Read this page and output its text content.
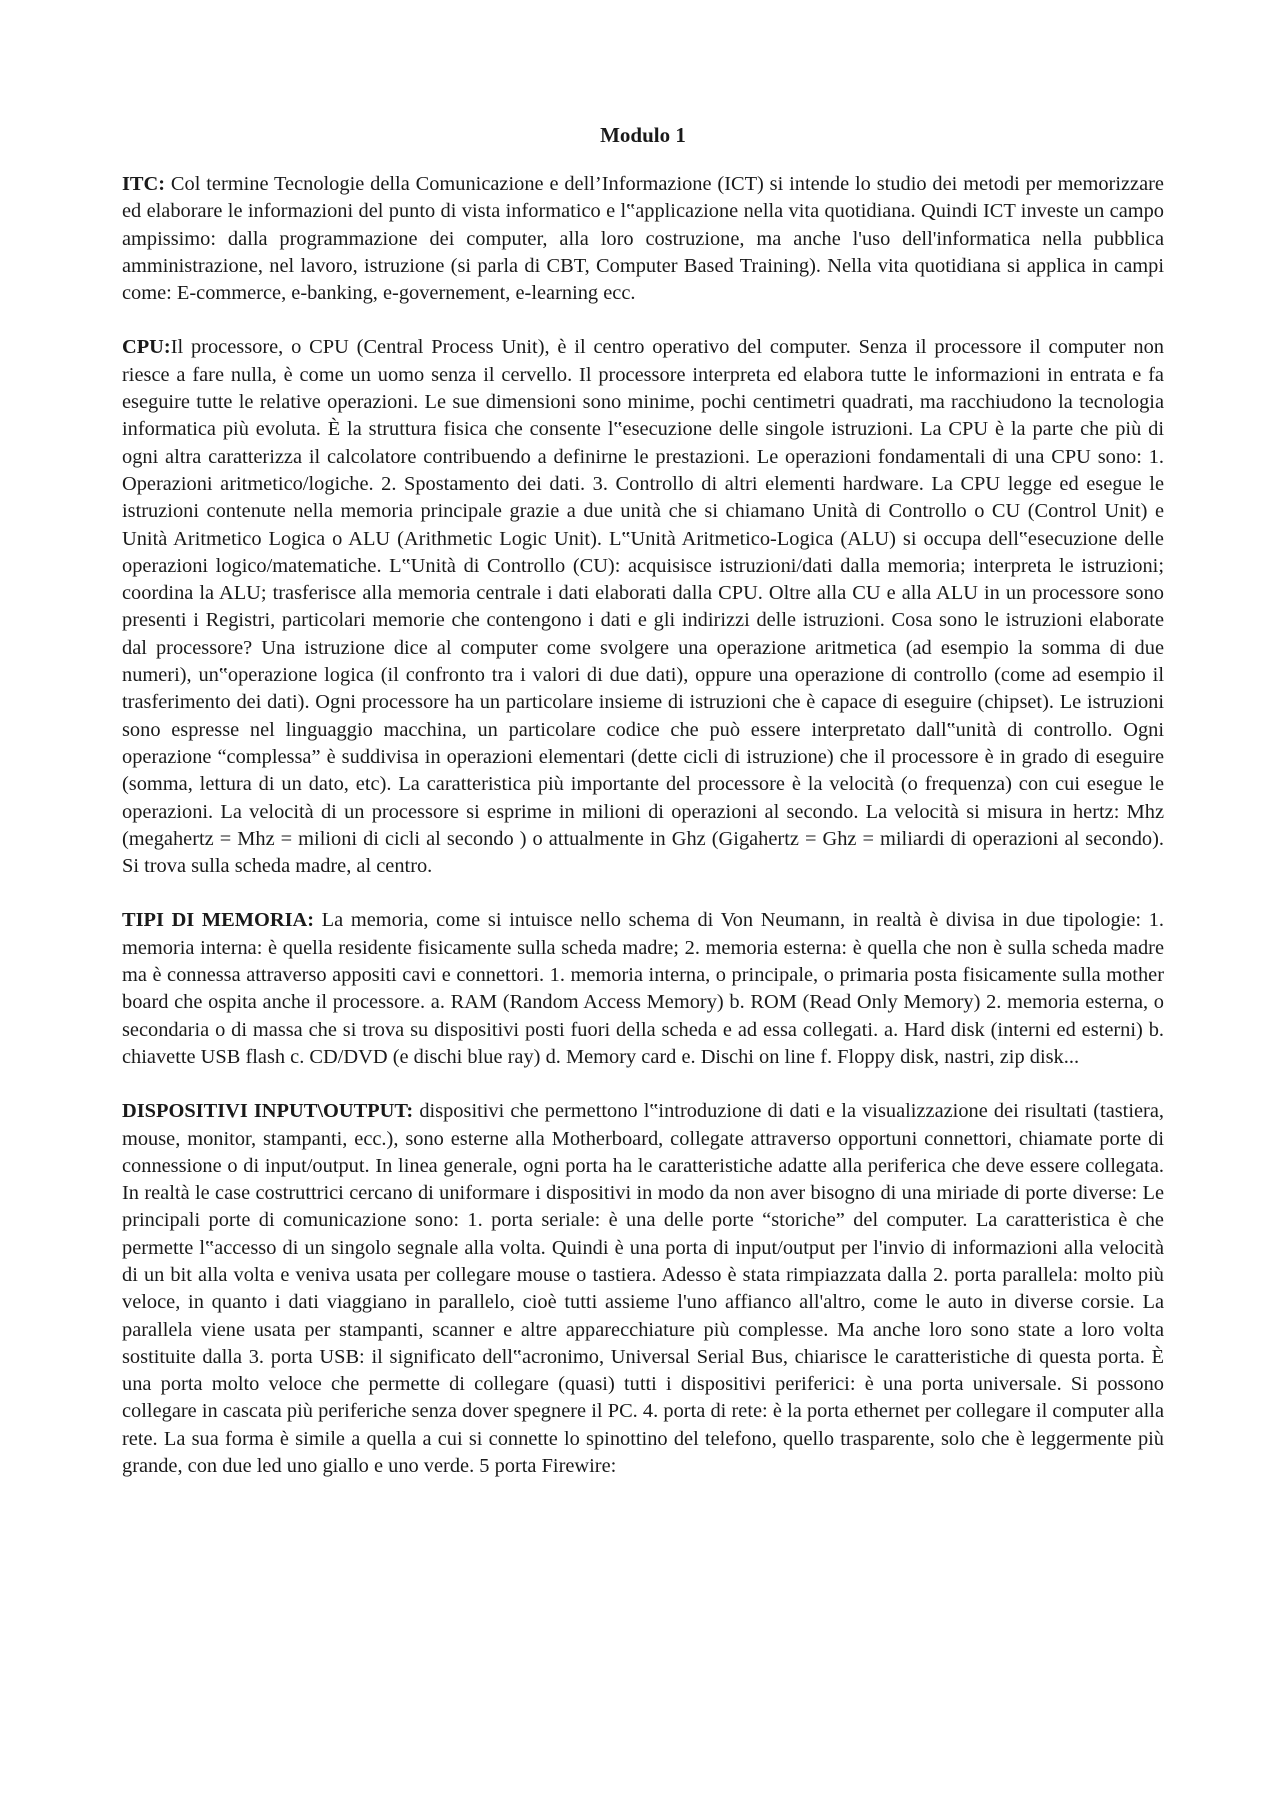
Modulo 1

ITC: Col termine Tecnologie della Comunicazione e dell’Informazione (ICT) si intende lo studio dei metodi per memorizzare ed elaborare le informazioni del punto di vista informatico e l‟applicazione nella vita quotidiana. Quindi ICT investe un campo ampissimo: dalla programmazione dei computer, alla loro costruzione, ma anche l'uso dell'informatica nella pubblica amministrazione, nel lavoro, istruzione (si parla di CBT, Computer Based Training). Nella vita quotidiana si applica in campi come: E-commerce, e-banking, e-governement, e-learning ecc.

CPU:Il processore, o CPU (Central Process Unit), è il centro operativo del computer. Senza il processore il computer non riesce a fare nulla, è come un uomo senza il cervello. Il processore interpreta ed elabora tutte le informazioni in entrata e fa eseguire tutte le relative operazioni. Le sue dimensioni sono minime, pochi centimetri quadrati, ma racchiudono la tecnologia informatica più evoluta. È la struttura fisica che consente l‟esecuzione delle singole istruzioni. La CPU è la parte che più di ogni altra caratterizza il calcolatore contribuendo a definirne le prestazioni. Le operazioni fondamentali di una CPU sono: 1. Operazioni aritmetico/logiche. 2. Spostamento dei dati. 3. Controllo di altri elementi hardware. La CPU legge ed esegue le istruzioni contenute nella memoria principale grazie a due unità che si chiamano Unità di Controllo o CU (Control Unit) e Unità Aritmetico Logica o ALU (Arithmetic Logic Unit). L‟Unità Aritmetico-Logica (ALU) si occupa dell‟esecuzione delle operazioni logico/matematiche. L‟Unità di Controllo (CU): acquisisce istruzioni/dati dalla memoria; interpreta le istruzioni; coordina la ALU; trasferisce alla memoria centrale i dati elaborati dalla CPU. Oltre alla CU e alla ALU in un processore sono presenti i Registri, particolari memorie che contengono i dati e gli indirizzi delle istruzioni. Cosa sono le istruzioni elaborate dal processore? Una istruzione dice al computer come svolgere una operazione aritmetica (ad esempio la somma di due numeri), un‟operazione logica (il confronto tra i valori di due dati), oppure una operazione di controllo (come ad esempio il trasferimento dei dati). Ogni processore ha un particolare insieme di istruzioni che è capace di eseguire (chipset). Le istruzioni sono espresse nel linguaggio macchina, un particolare codice che può essere interpretato dall‟unità di controllo. Ogni operazione “complessa” è suddivisa in operazioni elementari (dette cicli di istruzione) che il processore è in grado di eseguire (somma, lettura di un dato, etc). La caratteristica più importante del processore è la velocità (o frequenza) con cui esegue le operazioni. La velocità di un processore si esprime in milioni di operazioni al secondo. La velocità si misura in hertz: Mhz (megahertz = Mhz = milioni di cicli al secondo ) o attualmente in Ghz (Gigahertz = Ghz = miliardi di operazioni al secondo). Si trova sulla scheda madre, al centro.

TIPI DI MEMORIA: La memoria, come si intuisce nello schema di Von Neumann, in realtà è divisa in due tipologie: 1. memoria interna: è quella residente fisicamente sulla scheda madre; 2. memoria esterna: è quella che non è sulla scheda madre ma è connessa attraverso appositi cavi e connettori. 1. memoria interna, o principale, o primaria posta fisicamente sulla mother board che ospita anche il processore. a. RAM (Random Access Memory) b. ROM (Read Only Memory) 2. memoria esterna, o secondaria o di massa che si trova su dispositivi posti fuori della scheda e ad essa collegati. a. Hard disk (interni ed esterni) b. chiavette USB flash c. CD/DVD (e dischi blue ray) d. Memory card e. Dischi on line f. Floppy disk, nastri, zip disk...

DISPOSITIVI INPUT\OUTPUT: dispositivi che permettono l‟introduzione di dati e la visualizzazione dei risultati (tastiera, mouse, monitor, stampanti, ecc.), sono esterne alla Motherboard, collegate attraverso opportuni connettori, chiamate porte di connessione o di input/output. In linea generale, ogni porta ha le caratteristiche adatte alla periferica che deve essere collegata. In realtà le case costruttrici cercano di uniformare i dispositivi in modo da non aver bisogno di una miriade di porte diverse: Le principali porte di comunicazione sono: 1. porta seriale: è una delle porte “storiche” del computer. La caratteristica è che permette l‟accesso di un singolo segnale alla volta. Quindi è una porta di input/output per l'invio di informazioni alla velocità di un bit alla volta e veniva usata per collegare mouse o tastiera. Adesso è stata rimpiazzata dalla 2. porta parallela: molto più veloce, in quanto i dati viaggiano in parallelo, cioè tutti assieme l'uno affianco all'altro, come le auto in diverse corsie. La parallela viene usata per stampanti, scanner e altre apparecchiature più complesse. Ma anche loro sono state a loro volta sostituite dalla 3. porta USB: il significato dell‟acronimo, Universal Serial Bus, chiarisce le caratteristiche di questa porta. È una porta molto veloce che permette di collegare (quasi) tutti i dispositivi periferici: è una porta universale. Si possono collegare in cascata più periferiche senza dover spegnere il PC. 4. porta di rete: è la porta ethernet per collegare il computer alla rete. La sua forma è simile a quella a cui si connette lo spinottino del telefono, quello trasparente, solo che è leggermente più grande, con due led uno giallo e uno verde. 5 porta Firewire:
